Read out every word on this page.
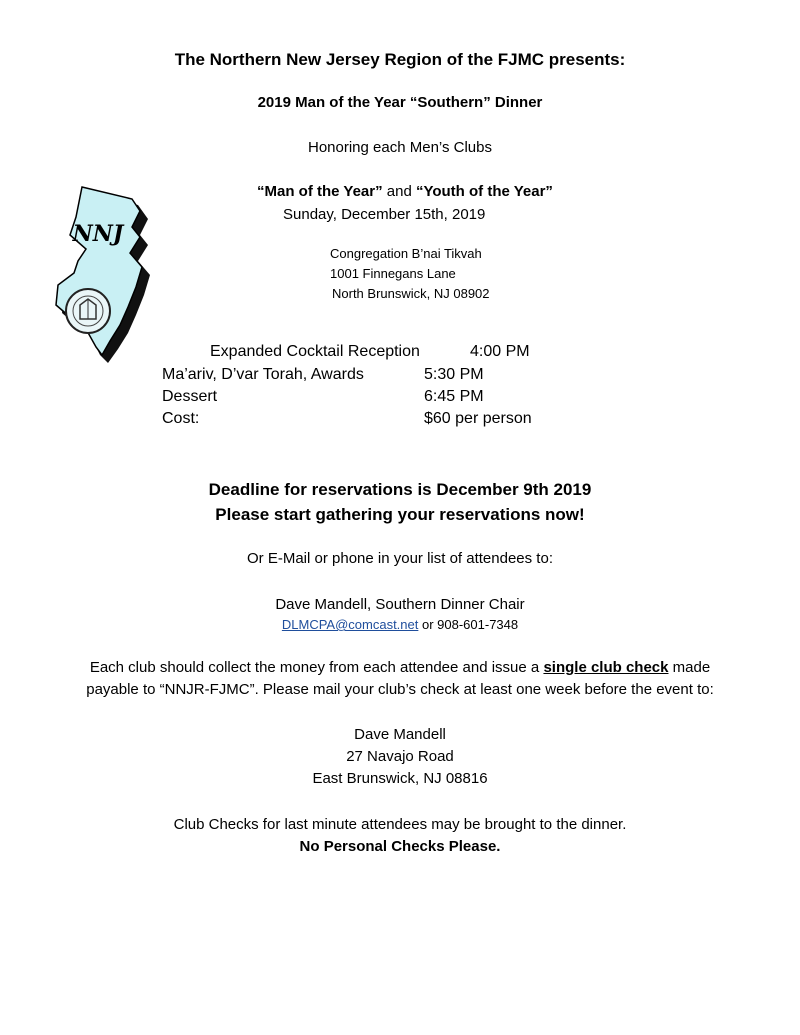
The Northern New Jersey Region of the FJMC presents:
2019 Man of the Year “Southern” Dinner
Honoring each Men’s Clubs
“Man of the Year” and “Youth of the Year”
Sunday, December 15th, 2019
Congregation B’nai Tikvah
1001 Finnegans Lane
North Brunswick, NJ 08902
NNJ
Expanded Cocktail Reception	4:00 PM
Ma’ariv, D’var Torah, Awards	5:30 PM
Dessert	6:45 PM
Cost:	$60 per person
Deadline for reservations is December 9th 2019
Please start gathering your reservations now!
Or E-Mail or phone in your list of attendees to:
Dave Mandell, Southern Dinner Chair
DLMCPA@comcast.net or 908-601-7348
Each club should collect the money from each attendee and issue a single club check made
payable to “NNJR-FJMC”. Please mail your club’s check at least one week before the event to:
Dave Mandell
27 Navajo Road
East Brunswick, NJ 08816
Club Checks for last minute attendees may be brought to the dinner.
No Personal Checks Please.
